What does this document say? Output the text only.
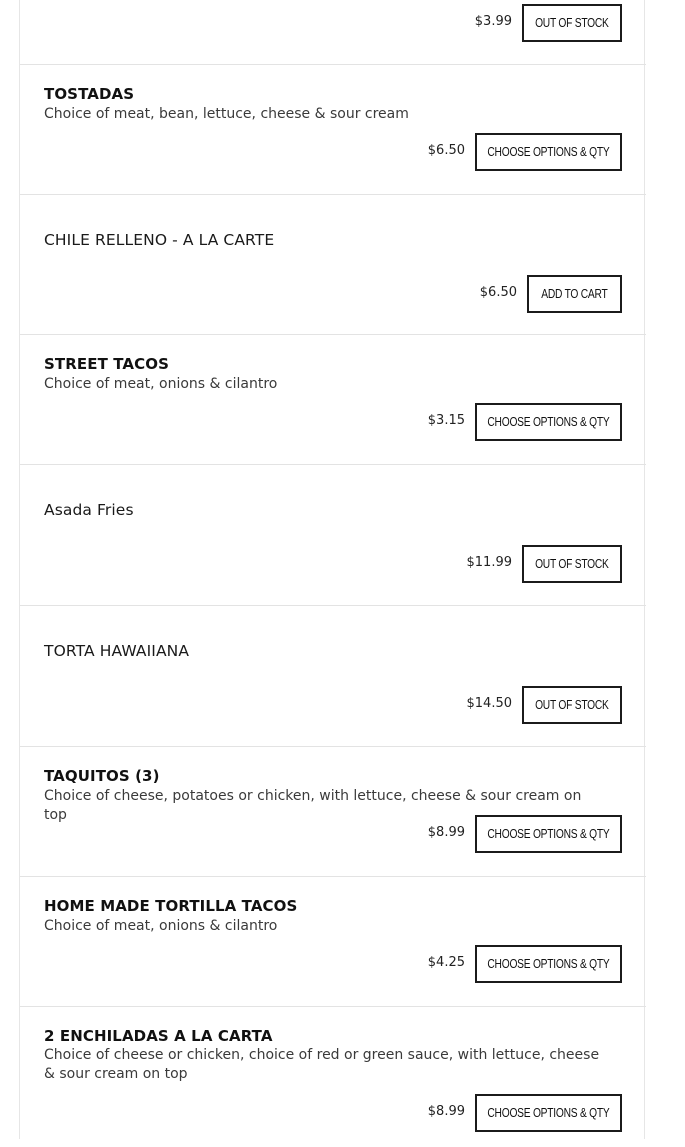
$3.99 OUT OF STOCK
TOSTADAS

Choice of meat, bean, lettuce, cheese & sour cream

$6.50 CHOOSE OPTIONS & QTY
CHILE RELLENO - A LA CARTE
$6.50 ADD TO CART
STREET TACOS

Choice of meat, onions & cilantro

$3.15 CHOOSE OPTIONS & QTY
Asada Fries
$11.99 OUT OF STOCK
TORTA HAWAIIANA
$14.50 OUT OF STOCK
TAQUITOS (3)

Choice of cheese, potatoes or chicken, with lettuce, cheese & sour cream on top

$8.99 CHOOSE OPTIONS & QTY
HOME MADE TORTILLA TACOS

Choice of meat, onions & cilantro

$4.25 CHOOSE OPTIONS & QTY
2 ENCHILADAS A LA CARTA

Choice of cheese or chicken, choice of red or green sauce, with lettuce, cheese & sour cream on top

$8.99 CHOOSE OPTIONS & QTY
